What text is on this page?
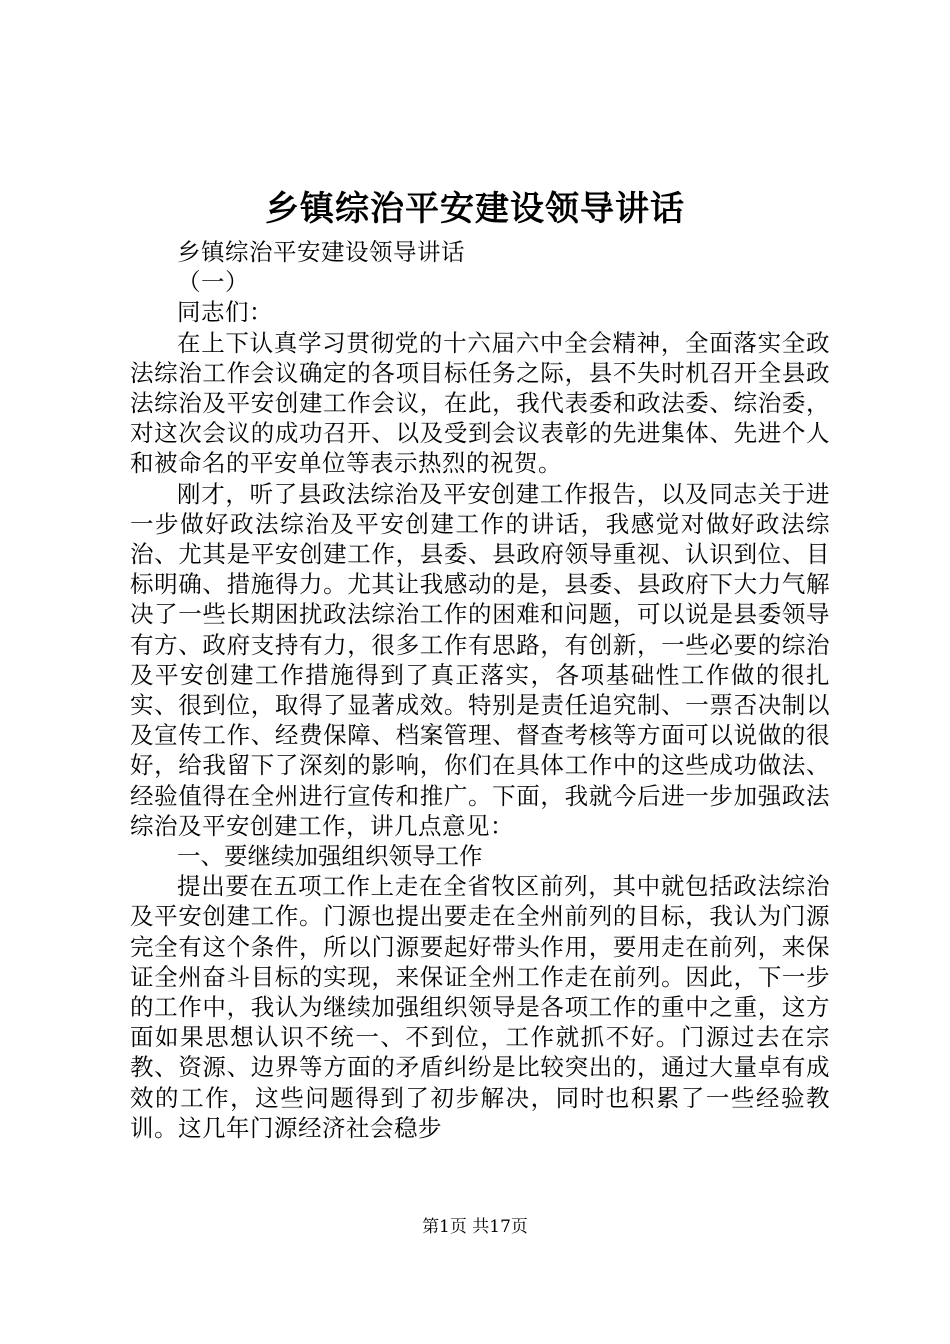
乡镇综治平安建设领导讲话

乡镇综治平安建设领导讲话

（一）

同志们：

在上下认真学习贯彻党的十六届六中全会精神，全面落实全政法综治工作会议确定的各项目标任务之际，县不失时机召开全县政法综治及平安创建工作会议，在此，我代表委和政法委、综治委，对这次会议的成功召开、以及受到会议表彰的先进集体、先进个人和被命名的平安单位等表示热烈的祝贺。

刚才，听了县政法综治及平安创建工作报告，以及同志关于进一步做好政法综治及平安创建工作的讲话，我感觉对做好政法综治、尤其是平安创建工作，县委、县政府领导重视、认识到位、目标明确、措施得力。尤其让我感动的是，县委、县政府下大力气解决了一些长期困扰政法综治工作的困难和问题，可以说是县委领导有方、政府支持有力，很多工作有思路，有创新，一些必要的综治及平安创建工作措施得到了真正落实，各项基础性工作做的很扎实、很到位，取得了显著成效。特别是责任追究制、一票否决制以及宣传工作、经费保障、档案管理、督查考核等方面可以说做的很好，给我留下了深刻的影响，你们在具体工作中的这些成功做法、经验值得在全州进行宣传和推广。下面，我就今后进一步加强政法综治及平安创建工作，讲几点意见：

一、要继续加强组织领导工作

提出要在五项工作上走在全省牧区前列，其中就包括政法综治及平安创建工作。门源也提出要走在全州前列的目标，我认为门源完全有这个条件，所以门源要起好带头作用，要用走在前列，来保证全州奋斗目标的实现，来保证全州工作走在前列。因此，下一步的工作中，我认为继续加强组织领导是各项工作的重中之重，这方面如果思想认识不统一、不到位，工作就抓不好。门源过去在宗教、资源、边界等方面的矛盾纠纷是比较突出的，通过大量卓有成效的工作，这些问题得到了初步解决，同时也积累了一些经验教训。这几年门源经济社会稳步

第1页 共17页
